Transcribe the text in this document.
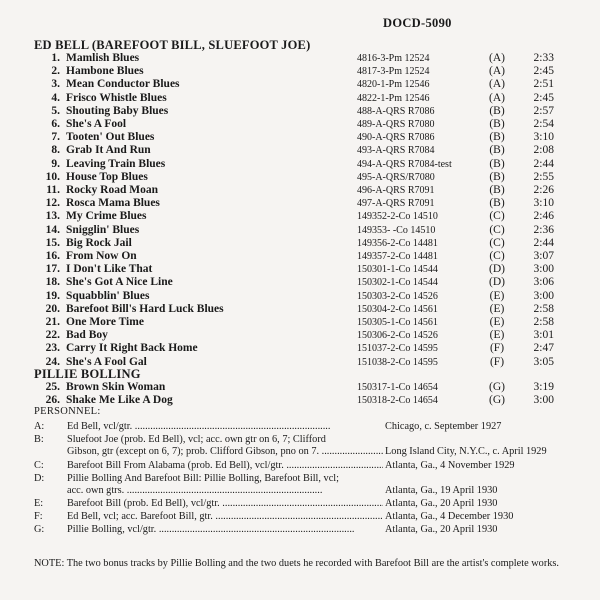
DOCD-5090
ED BELL (BAREFOOT BILL, SLUEFOOT JOE)
1. Mamlish Blues	4816-3-Pm 12524	(A)	2:33
2. Hambone Blues	4817-3-Pm 12524	(A)	2:45
3. Mean Conductor Blues	4820-1-Pm 12546	(A)	2:51
4. Frisco Whistle Blues	4822-1-Pm 12546	(A)	2:45
5. Shouting Baby Blues	488-A-QRS R7086	(B)	2:57
6. She's A Fool	489-A-QRS R7080	(B)	2:54
7. Tooten' Out Blues	490-A-QRS R7086	(B)	3:10
8. Grab It And Run	493-A-QRS R7084	(B)	2:08
9. Leaving Train Blues	494-A-QRS R7084-test	(B)	2:44
10. House Top Blues	495-A-QRS/R7080	(B)	2:55
11. Rocky Road Moan	496-A-QRS R7091	(B)	2:26
12. Rosca Mama Blues	497-A-QRS R7091	(B)	3:10
13. My Crime Blues	149352-2-Co 14510	(C)	2:46
14. Snigglin' Blues	149353- -Co 14510	(C)	2:36
15. Big Rock Jail	149356-2-Co 14481	(C)	2:44
16. From Now On	149357-2-Co 14481	(C)	3:07
17. I Don't Like That	150301-1-Co 14544	(D)	3:00
18. She's Got A Nice Line	150302-1-Co 14544	(D)	3:06
19. Squabblin' Blues	150303-2-Co 14526	(E)	3:00
20. Barefoot Bill's Hard Luck Blues	150304-2-Co 14561	(E)	2:58
21. One More Time	150305-1-Co 14561	(E)	2:58
22. Bad Boy	150306-2-Co 14526	(E)	3:01
23. Carry It Right Back Home	151037-2-Co 14595	(F)	2:47
24. She's A Fool Gal	151038-2-Co 14595	(F)	3:05
PILLIE BOLLING
25. Brown Skin Woman	150317-1-Co 14654	(G)	3:19
26. Shake Me Like A Dog	150318-2-Co 14654	(G)	3:00
PERSONNEL:
A: Ed Bell, vcl/gtr. .....	Chicago, c. September 1927
B: Sluefoot Joe (prob. Ed Bell), vcl; acc. own gtr on 6, 7; Clifford
Gibson, gtr (except on 6, 7); prob. Clifford Gibson, pno on 7. .....	Long Island City, N.Y.C., c. April 1929
C: Barefoot Bill From Alabama (prob. Ed Bell), vcl/gtr. .....	Atlanta, Ga., 4 November 1929
D: Pillie Bolling And Barefoot Bill: Pillie Bolling, Barefoot Bill, vcl;
acc. own gtrs. .....	Atlanta, Ga., 19 April 1930
E: Barefoot Bill (prob. Ed Bell), vcl/gtr. .....	Atlanta, Ga., 20 April 1930
F: Ed Bell, vcl; acc. Barefoot Bill, gtr. .....	Atlanta, Ga., 4 December 1930
G: Pillie Bolling, vcl/gtr. .....	Atlanta, Ga., 20 April 1930
NOTE: The two bonus tracks by Pillie Bolling and the two duets he recorded with Barefoot Bill are the artist's complete works.
